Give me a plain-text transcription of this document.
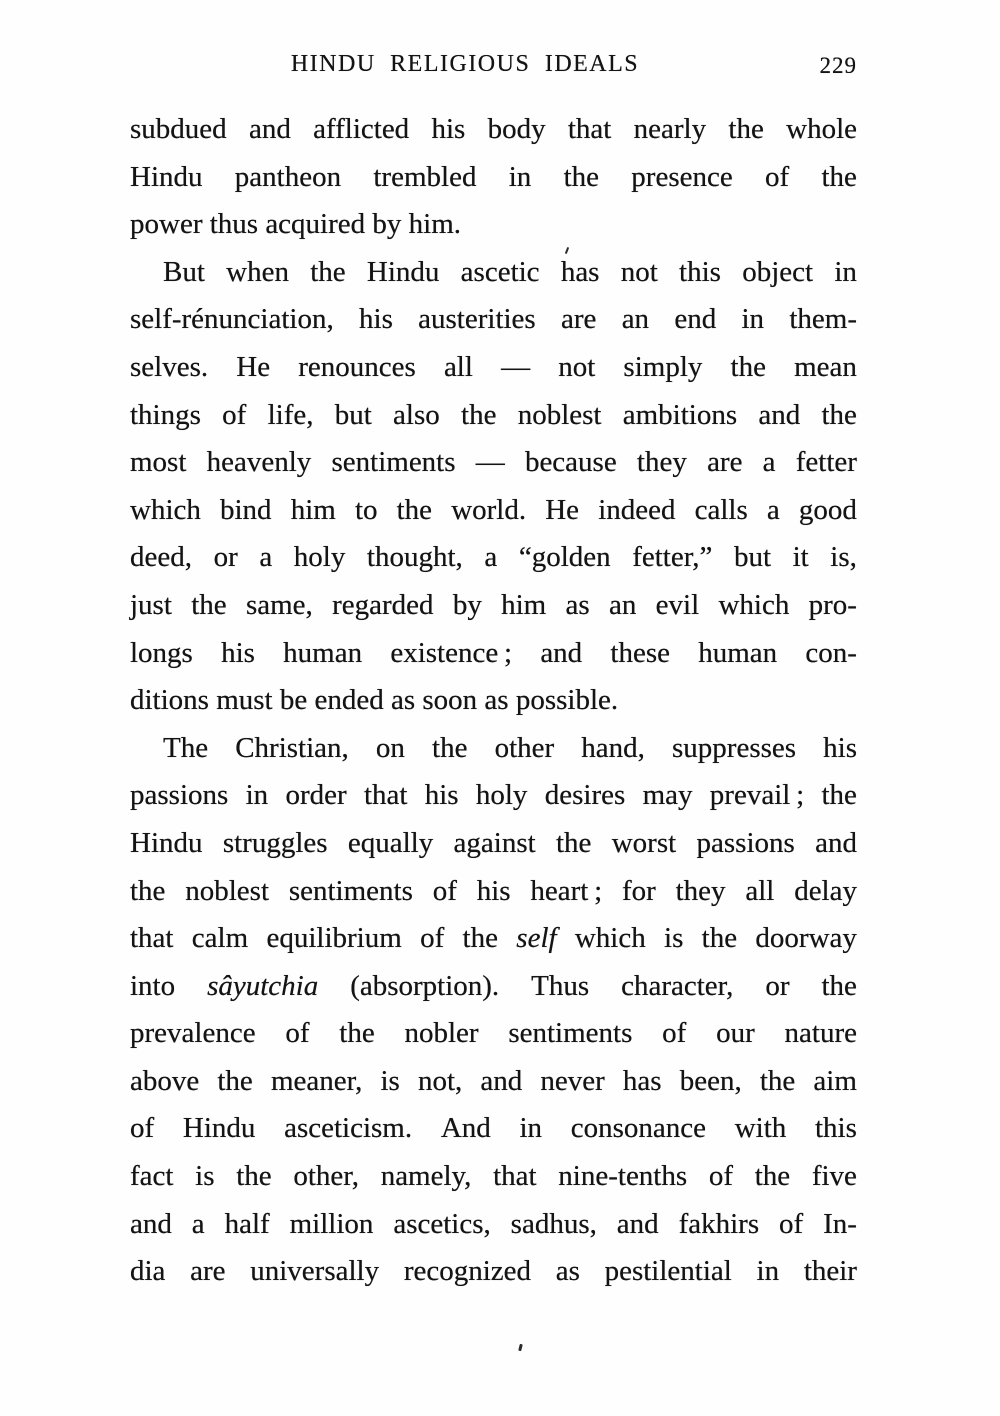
HINDU RELIGIOUS IDEALS	229
subdued and afflicted his body that nearly the whole
Hindu pantheon trembled in the presence of the
power thus acquired by him.
But when the Hindu ascetic has not this object in
self-rénunciation, his austerities are an end in them-
selves. He renounces all — not simply the mean
things of life, but also the noblest ambitions and the
most heavenly sentiments — because they are a fetter
which bind him to the world. He indeed calls a good
deed, or a holy thought, a “golden fetter,” but it is,
just the same, regarded by him as an evil which pro-
longs his human existence ; and these human con-
ditions must be ended as soon as possible.
The Christian, on the other hand, suppresses his
passions in order that his holy desires may prevail ; the
Hindu struggles equally against the worst passions and
the noblest sentiments of his heart ; for they all delay
that calm equilibrium of the self which is the doorway
into sâyutchia (absorption). Thus character, or the
prevalence of the nobler sentiments of our nature
above the meaner, is not, and never has been, the aim
of Hindu asceticism. And in consonance with this
fact is the other, namely, that nine-tenths of the five
and a half million ascetics, sadhus, and fakhirs of In-
dia are universally recognized as pestilential in their
